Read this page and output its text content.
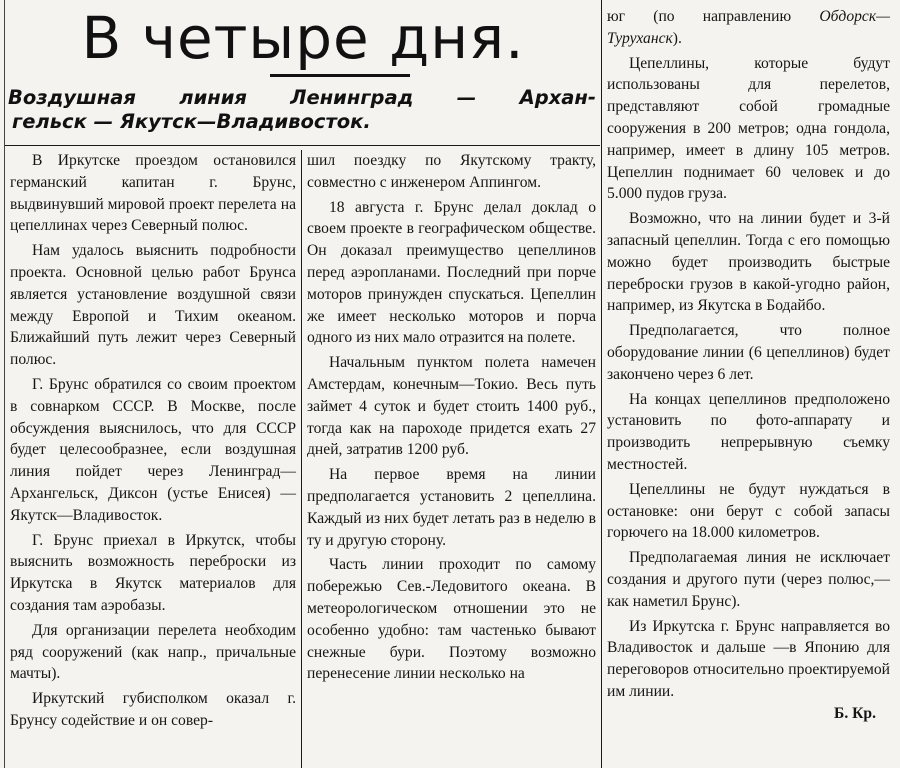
В четыре дня.
Воздушная линия Ленинград — Архан-
гельск — Якутск—Владивосток.

В Иркутске проездом остановился германский капитан г. Брунс, выдвинувший мировой проект перелета на цепеллинах через Северный полюс.

Нам удалось выяснить подробности проекта. Основной целью работ Брунса является установление воздушной связи между Европой и Тихим океаном. Ближайший путь лежит через Северный полюс.

Г. Брунс обратился со своим проектом в совнарком СССР. В Москве, после обсуждения выяснилось, что для СССР будет целесообразнее, если воздушная линия пойдет через Ленинград—Архангельск, Диксон (устье Енисея) —Якутск—Владивосток.

Г. Брунс приехал в Иркутск, чтобы выяснить возможность переброски из Иркутска в Якутск материалов для создания там аэробазы.

Для организации перелета необходим ряд сооружений (как напр., причальные мачты).

Иркутский губисполком оказал г. Брунсу содействие и он совер-

шил поездку по Якутскому тракту, совместно с инженером Аппингом.

18 августа г. Брунс делал доклад о своем проекте в географическом обществе. Он доказал преимущество цепеллинов перед аэропланами. Последний при порче моторов принужден спускаться. Цепеллин же имеет несколько моторов и порча одного из них мало отразится на полете.

Начальным пунктом полета намечен Амстердам, конечным—Токио. Весь путь займет 4 суток и будет стоить 1400 руб., тогда как на пароходе придется ехать 27 дней, затратив 1200 руб.

На первое время на линии предполагается установить 2 цепеллина. Каждый из них будет летать раз в неделю в ту и другую сторону.

Часть линии проходит по самому побережью Сев.-Ледовитого океана. В метеорологическом отношении это не особенно удобно: там частенько бывают снежные бури. Поэтому возможно перенесение линии несколько на

юг (по направлению Обдорск—Туруханск).

Цепеллины, которые будут использованы для перелетов, представляют собой громадные сооружения в 200 метров; одна гондола, например, имеет в длину 105 метров. Цепеллин поднимает 60 человек и до 5.000 пудов груза.

Возможно, что на линии будет и 3-й запасный цепеллин. Тогда с его помощью можно будет производить быстрые переброски грузов в какой-угодно район, например, из Якутска в Бодайбо.

Предполагается, что полное оборудование линии (6 цепеллинов) будет закончено через 6 лет.

На концах цепеллинов предположено установить по фото-аппарату и производить непрерывную съемку местностей.

Цепеллины не будут нуждаться в остановке: они берут с собой запасы горючего на 18.000 километров.

Предполагаемая линия не исключает создания и другого пути (через полюс,—как наметил Брунс).

Из Иркутска г. Брунс направляется во Владивосток и дальше —в Японию для переговоров относительно проектируемой им линии.

Б. Кр.
